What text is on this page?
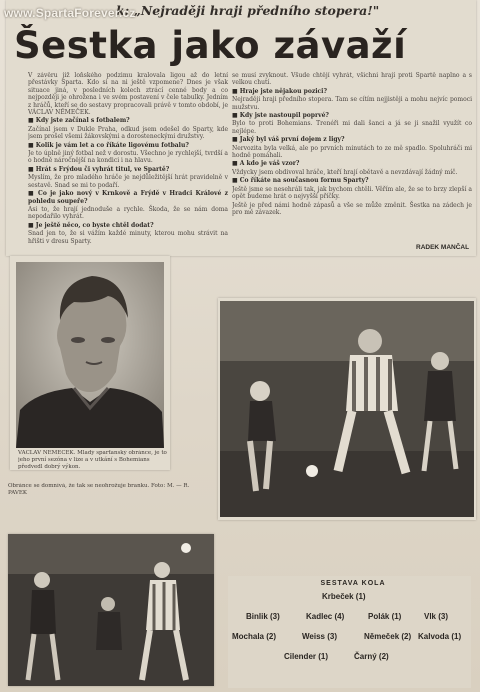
www.SpartaForever.cz
k: „Nejraději hraji předního stopera!"
Šestka jako závaží

V závěru již loňského podzimu kralovala ligou až do letní přestávky Sparta. Kdo si na ni ještě vzpomene? Dnes je však situace jiná, v posledních kolech ztrácí cenné body a co nejpozději je ohrožena i ve svém postavení v čele tabulky. Jedním z hráčů, kteří se do sestavy propracovali právě v tomto období, je VÁCLAV NĚMEČEK.

■ Kdy jste začínal s fotbalem?

Začínal jsem v Dukle Praha, odkud jsem odešel do Sparty, kde jsem prošel všemi žákovskými a dorosteneckými družstvy.

■ Kolik je vám let a co říkáte ligovému fotbalu?

Je to úplně jiný fotbal než v dorostu. Všechno je rychlejší, tvrdší a o hodně náročnější na kondici i na hlavu.

■ Hrát s Frýdou či vyhrát titul, ve Spartě?

Myslím, že pro mladého hráče je nejdůležitější hrát pravidelně v sestavě. Snad se mi to podaří.

■ Co je jako nový v Krnkově a Frýdě v Hradci Králové z pohledu soupeře?

Asi to, že hrají jednoduše a rychle. Škoda, že se nám doma nepodařilo vyhrát.

■ Je ještě něco, co byste chtěl dodat?

Snad jen to, že si vážím každé minuty, kterou mohu strávit na hřišti v dresu Sparty.

se musí zvyknout. Všude chtějí vyhrát, všichni hrají proti Spartě naplno a s velkou chutí.

■ Hraje jste nějakou pozici?

Nejraději hraji předního stopera. Tam se cítím nejjistěji a mohu nejvíc pomoci mužstvu.

■ Kdy jste nastoupil poprvé?

Bylo to proti Bohemians. Trenéři mi dali šanci a já se ji snažil využít co nejlépe.

■ Jaký byl váš první dojem z ligy?

Nervozita byla velká, ale po prvních minutách to ze mě spadlo. Spoluhráči mi hodně pomáhali.

■ A kdo je váš vzor?

Vždycky jsem obdivoval hráče, kteří hrají obětavě a nevzdávají žádný míč.

■ Co říkáte na současnou formu Sparty?

Ještě jsme se nesehráli tak, jak bychom chtěli. Věřím ale, že se to brzy zlepší a opět budeme hrát o nejvyšší příčky.

Ještě je před námi hodně zápasů a vše se může změnit. Šestka na zádech je pro mě závazek.

RADEK MANČAL
VÁCLAV NĚMEČEK. Mladý sparťanský obránce, je to jeho první sezóna v lize a v utkání s Bohemians předvedl dobrý výkon.
Obránce se domnívá, že tak se neohrožuje branku. Foto: M. — R. PAVEK
SESTAVA KOLA
Krbeček (1)
Binlik (3)	Kadlec (4)	Polák (1)	Vlk (3)
Mochala (2)	Weiss (3)	Němeček (2) Kalvoda (1)
Cilender (1)	Čarný (2)
